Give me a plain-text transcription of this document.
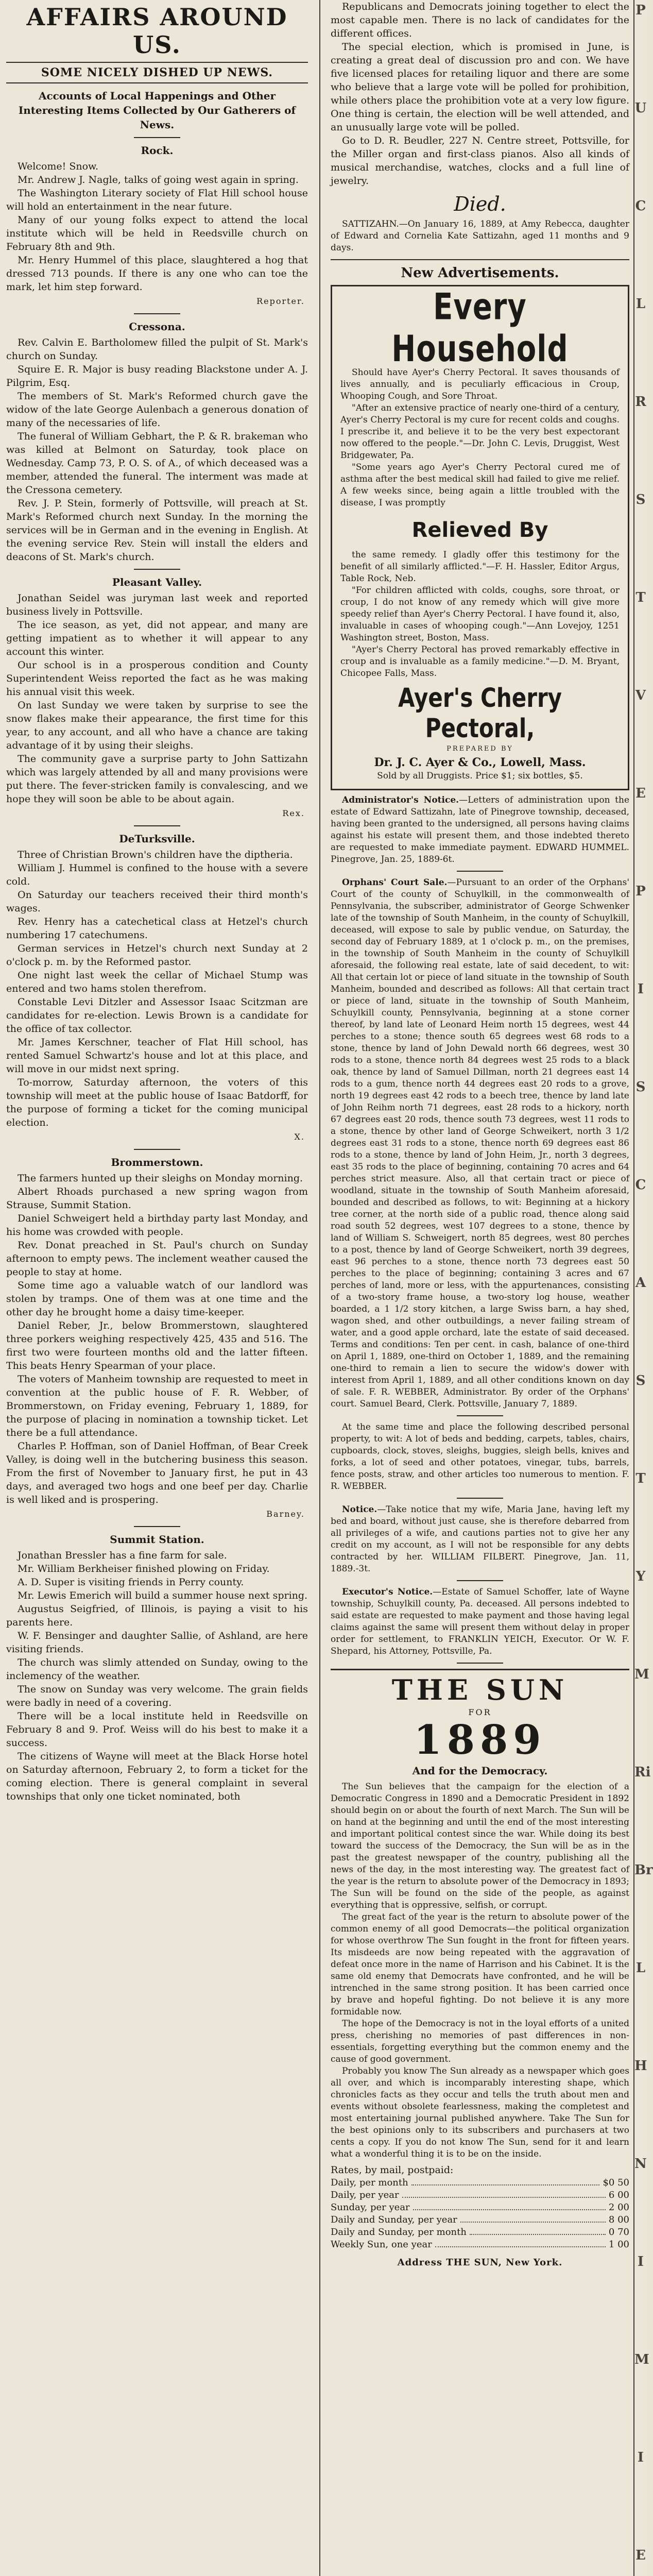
AFFAIRS AROUND US.
SOME NICELY DISHED UP NEWS.
Accounts of Local Happenings and Other Interesting Items Collected by Our Gatherers of News.
Rock.

Welcome! Snow.

Mr. Andrew J. Nagle, talks of going west again in spring.

The Washington Literary society of Flat Hill school house will hold an entertainment in the near future.

Many of our young folks expect to attend the local institute which will be held in Reedsville church on February 8th and 9th.

Mr. Henry Hummel of this place, slaughtered a hog that dressed 713 pounds. If there is any one who can toe the mark, let him step forward.

Reporter.

Cressona.

Rev. Calvin E. Bartholomew filled the pulpit of St. Mark's church on Sunday.

Squire E. R. Major is busy reading Blackstone under A. J. Pilgrim, Esq.

The members of St. Mark's Reformed church gave the widow of the late George Aulenbach a generous donation of many of the necessaries of life.

The funeral of William Gebhart, the P. & R. brakeman who was killed at Belmont on Saturday, took place on Wednesday. Camp 73, P. O. S. of A., of which deceased was a member, attended the funeral. The interment was made at the Cressona cemetery.

Rev. J. P. Stein, formerly of Pottsville, will preach at St. Mark's Reformed church next Sunday. In the morning the services will be in German and in the evening in English. At the evening service Rev. Stein will install the elders and deacons of St. Mark's church.

Pleasant Valley.

Jonathan Seidel was juryman last week and reported business lively in Pottsville.

The ice season, as yet, did not appear, and many are getting impatient as to whether it will appear to any account this winter.

Our school is in a prosperous condition and County Superintendent Weiss reported the fact as he was making his annual visit this week.

On last Sunday we were taken by surprise to see the snow flakes make their appearance, the first time for this year, to any account, and all who have a chance are taking advantage of it by using their sleighs.

The community gave a surprise party to John Sattizahn which was largely attended by all and many provisions were put there. The fever-stricken family is convalescing, and we hope they will soon be able to be about again.

Rex.

DeTurksville.

Three of Christian Brown's children have the diptheria.

William J. Hummel is confined to the house with a severe cold.

On Saturday our teachers received their third month's wages.

Rev. Henry has a catechetical class at Hetzel's church numbering 17 catechumens.

German services in Hetzel's church next Sunday at 2 o'clock p. m. by the Reformed pastor.

One night last week the cellar of Michael Stump was entered and two hams stolen therefrom.

Constable Levi Ditzler and Assessor Isaac Scitzman are candidates for re-election. Lewis Brown is a candidate for the office of tax collector.

Mr. James Kerschner, teacher of Flat Hill school, has rented Samuel Schwartz's house and lot at this place, and will move in our midst next spring.

To-morrow, Saturday afternoon, the voters of this township will meet at the public house of Isaac Batdorff, for the purpose of forming a ticket for the coming municipal election.

X.

Brommerstown.

The farmers hunted up their sleighs on Monday morning.

Albert Rhoads purchased a new spring wagon from Strause, Summit Station.

Daniel Schweigert held a birthday party last Monday, and his home was crowded with people.

Rev. Donat preached in St. Paul's church on Sunday afternoon to empty pews. The inclement weather caused the people to stay at home.

Some time ago a valuable watch of our landlord was stolen by tramps. One of them was at one time and the other day he brought home a daisy time-keeper.

Daniel Reber, Jr., below Brommerstown, slaughtered three porkers weighing respectively 425, 435 and 516. The first two were fourteen months old and the latter fifteen. This beats Henry Spearman of your place.

The voters of Manheim township are requested to meet in convention at the public house of F. R. Webber, of Brommerstown, on Friday evening, February 1, 1889, for the purpose of placing in nomination a township ticket. Let there be a full attendance.

Charles P. Hoffman, son of Daniel Hoffman, of Bear Creek Valley, is doing well in the butchering business this season. From the first of November to January first, he put in 43 days, and averaged two hogs and one beef per day. Charlie is well liked and is prospering.

Barney.

Summit Station.

Jonathan Bressler has a fine farm for sale.

Mr. William Berkheiser finished plowing on Friday.

A. D. Super is visiting friends in Perry county.

Mr. Lewis Emerich will build a summer house next spring.

Augustus Seigfried, of Illinois, is paying a visit to his parents here.

W. F. Bensinger and daughter Sallie, of Ashland, are here visiting friends.

The church was slimly attended on Sunday, owing to the inclemency of the weather.

The snow on Sunday was very welcome. The grain fields were badly in need of a covering.

There will be a local institute held in Reedsville on February 8 and 9. Prof. Weiss will do his best to make it a success.

The citizens of Wayne will meet at the Black Horse hotel on Saturday afternoon, February 2, to form a ticket for the coming election. There is general complaint in several townships that only one ticket nominated, both

Republicans and Democrats joining together to elect the most capable men. There is no lack of candidates for the different offices.

The special election, which is promised in June, is creating a great deal of discussion pro and con. We have five licensed places for retailing liquor and there are some who believe that a large vote will be polled for prohibition, while others place the prohibition vote at a very low figure. One thing is certain, the election will be well attended, and an unusually large vote will be polled.

Go to D. R. Beudler, 227 N. Centre street, Pottsville, for the Miller organ and first-class pianos. Also all kinds of musical merchandise, watches, clocks and a full line of jewelry.

Died.

SATTIZAHN.—On January 16, 1889, at Amy Rebecca, daughter of Edward and Cornelia Kate Sattizahn, aged 11 months and 9 days.

New Advertisements.
Every Household

Should have Ayer's Cherry Pectoral. It saves thousands of lives annually, and is peculiarly efficacious in Croup, Whooping Cough, and Sore Throat.

"After an extensive practice of nearly one-third of a century, Ayer's Cherry Pectoral is my cure for recent colds and coughs. I prescribe it, and believe it to be the very best expectorant now offered to the people."—Dr. John C. Levis, Druggist, West Bridgewater, Pa.

"Some years ago Ayer's Cherry Pectoral cured me of asthma after the best medical skill had failed to give me relief. A few weeks since, being again a little troubled with the disease, I was promptly

Relieved By

the same remedy. I gladly offer this testimony for the benefit of all similarly afflicted."—F. H. Hassler, Editor Argus, Table Rock, Neb.

"For children afflicted with colds, coughs, sore throat, or croup, I do not know of any remedy which will give more speedy relief than Ayer's Cherry Pectoral. I have found it, also, invaluable in cases of whooping cough."—Ann Lovejoy, 1251 Washington street, Boston, Mass.

"Ayer's Cherry Pectoral has proved remarkably effective in croup and is invaluable as a family medicine."—D. M. Bryant, Chicopee Falls, Mass.

Ayer's Cherry Pectoral,

PREPARED BY

Dr. J. C. Ayer & Co., Lowell, Mass.

Sold by all Druggists. Price $1; six bottles, $5.

Administrator's Notice.—Letters of administration upon the estate of Edward Sattizahn, late of Pinegrove township, deceased, having been granted to the undersigned, all persons having claims against his estate will present them, and those indebted thereto are requested to make immediate payment. EDWARD HUMMEL. Pinegrove, Jan. 25, 1889-6t.

Orphans' Court Sale.—Pursuant to an order of the Orphans' Court of the county of Schuylkill, in the commonwealth of Pennsylvania, the subscriber, administrator of George Schwenker late of the township of South Manheim, in the county of Schuylkill, deceased, will expose to sale by public vendue, on Saturday, the second day of February 1889, at 1 o'clock p. m., on the premises, in the township of South Manheim in the county of Schuylkill aforesaid, the following real estate, late of said decedent, to wit: All that certain lot or piece of land situate in the township of South Manheim, bounded and described as follows: All that certain tract or piece of land, situate in the township of South Manheim, Schuylkill county, Pennsylvania, beginning at a stone corner thereof, by land late of Leonard Heim north 15 degrees, west 44 perches to a stone; thence south 65 degrees west 68 rods to a stone, thence by land of John Dewald north 66 degrees, west 30 rods to a stone, thence north 84 degrees west 25 rods to a black oak, thence by land of Samuel Dillman, north 21 degrees east 14 rods to a gum, thence north 44 degrees east 20 rods to a grove, north 19 degrees east 42 rods to a beech tree, thence by land late of John Reihm north 71 degrees, east 28 rods to a hickory, north 67 degrees east 20 rods, thence south 73 degrees, west 11 rods to a stone, thence by other land of George Schweikert, north 3 1/2 degrees east 31 rods to a stone, thence north 69 degrees east 86 rods to a stone, thence by land of John Heim, Jr., north 3 degrees, east 35 rods to the place of beginning, containing 70 acres and 64 perches strict measure. Also, all that certain tract or piece of woodland, situate in the township of South Manheim aforesaid, bounded and described as follows, to wit: Beginning at a hickory tree corner, at the north side of a public road, thence along said road south 52 degrees, west 107 degrees to a stone, thence by land of William S. Schweigert, north 85 degrees, west 80 perches to a post, thence by land of George Schweikert, north 39 degrees, east 96 perches to a stone, thence north 73 degrees east 50 perches to the place of beginning; containing 3 acres and 67 perches of land, more or less, with the appurtenances, consisting of a two-story frame house, a two-story log house, weather boarded, a 1 1/2 story kitchen, a large Swiss barn, a hay shed, wagon shed, and other outbuildings, a never failing stream of water, and a good apple orchard, late the estate of said deceased. Terms and conditions: Ten per cent. in cash, balance of one-third on April 1, 1889, one-third on October 1, 1889, and the remaining one-third to remain a lien to secure the widow's dower with interest from April 1, 1889, and all other conditions known on day of sale. F. R. WEBBER, Administrator. By order of the Orphans' court. Samuel Beard, Clerk. Pottsville, January 7, 1889.

At the same time and place the following described personal property, to wit: A lot of beds and bedding, carpets, tables, chairs, cupboards, clock, stoves, sleighs, buggies, sleigh bells, knives and forks, a lot of seed and other potatoes, vinegar, tubs, barrels, fence posts, straw, and other articles too numerous to mention. F. R. WEBBER.

Notice.—Take notice that my wife, Maria Jane, having left my bed and board, without just cause, she is therefore debarred from all privileges of a wife, and cautions parties not to give her any credit on my account, as I will not be responsible for any debts contracted by her. WILLIAM FILBERT. Pinegrove, Jan. 11, 1889.-3t.

Executor's Notice.—Estate of Samuel Schoffer, late of Wayne township, Schuylkill county, Pa. deceased. All persons indebted to said estate are requested to make payment and those having legal claims against the same will present them without delay in proper order for settlement, to FRANKLIN YEICH, Executor. Or W. F. Shepard, his Attorney, Pottsville, Pa.

THE SUN
FOR
1889
And for the Democracy.

The Sun believes that the campaign for the election of a Democratic Congress in 1890 and a Democratic President in 1892 should begin on or about the fourth of next March. The Sun will be on hand at the beginning and until the end of the most interesting and important political contest since the war. While doing its best toward the success of the Democracy, the Sun will be as in the past the greatest newspaper of the country, publishing all the news of the day, in the most interesting way. The greatest fact of the year is the return to absolute power of the Democracy in 1893; The Sun will be found on the side of the people, as against everything that is oppressive, selfish, or corrupt.

The great fact of the year is the return to absolute power of the common enemy of all good Democrats—the political organization for whose overthrow The Sun fought in the front for fifteen years. Its misdeeds are now being repeated with the aggravation of defeat once more in the name of Harrison and his Cabinet. It is the same old enemy that Democrats have confronted, and he will be intrenched in the same strong position. It has been carried once by brave and hopeful fighting. Do not believe it is any more formidable now.

The hope of the Democracy is not in the loyal efforts of a united press, cherishing no memories of past differences in non-essentials, forgetting everything but the common enemy and the cause of good government.

Probably you know The Sun already as a newspaper which goes all over, and which is incomparably interesting shape, which chronicles facts as they occur and tells the truth about men and events without obsolete fearlessness, making the completest and most entertaining journal published anywhere. Take The Sun for the best opinions only to its subscribers and purchasers at two cents a copy. If you do not know The Sun, send for it and learn what a wonderful thing it is to be on the inside.

Rates, by mail, postpaid:

Daily, per month	$0 50
Daily, per year	6 00
Sunday, per year	2 00
Daily and Sunday, per year	8 00
Daily and Sunday, per month	0 70
Weekly Sun, one year	1 00
Address THE SUN, New York.
P
U
C
L
R
S
T
V
E
P
I
S
C
A
S
T
Y
M
Ri
Br
L
H
N
I
M
I
E
